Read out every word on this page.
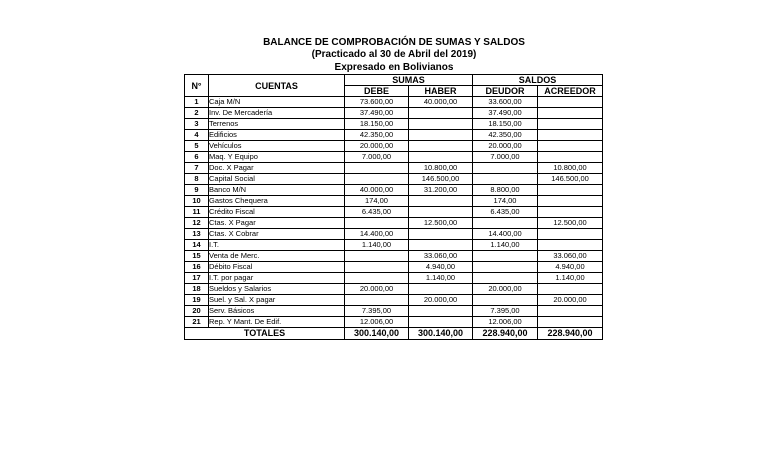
BALANCE DE COMPROBACIÓN DE SUMAS Y SALDOS
(Practicado al 30 de Abril del 2019)
Expresado en Bolivianos
N°	CUENTAS	SUMAS		SALDOS	
		DEBE	HABER	DEUDOR	ACREEDOR
1	Caja M/N	73.600,00	40.000,00	33.600,00	
2	Inv. De Mercadería	37.490,00		37.490,00	
3	Terrenos	18.150,00		18.150,00	
4	Edificios	42.350,00		42.350,00	
5	Vehículos	20.000,00		20.000,00	
6	Maq. Y Equipo	7.000,00		7.000,00	
7	Doc. X Pagar		10.800,00		10.800,00
8	Capital Social		146.500,00		146.500,00
9	Banco M/N	40.000,00	31.200,00	8.800,00	
10	Gastos Chequera	174,00		174,00	
11	Crédito Fiscal	6.435,00		6.435,00	
12	Ctas. X Pagar		12.500,00		12.500,00
13	Ctas. X Cobrar	14.400,00		14.400,00	
14	I.T.	1.140,00		1.140,00	
15	Venta de Merc.		33.060,00		33.060,00
16	Débito Fiscal		4.940,00		4.940,00
17	I.T. por pagar		1.140,00		1.140,00
18	Sueldos y Salarios	20.000,00		20.000,00	
19	Suel. y Sal. X pagar		20.000,00		20.000,00
20	Serv. Básicos	7.395,00		7.395,00	
21	Rep. Y Mant. De Edif.	12.006,00		12.006,00	
TOTALES		300.140,00	300.140,00	228.940,00	228.940,00
